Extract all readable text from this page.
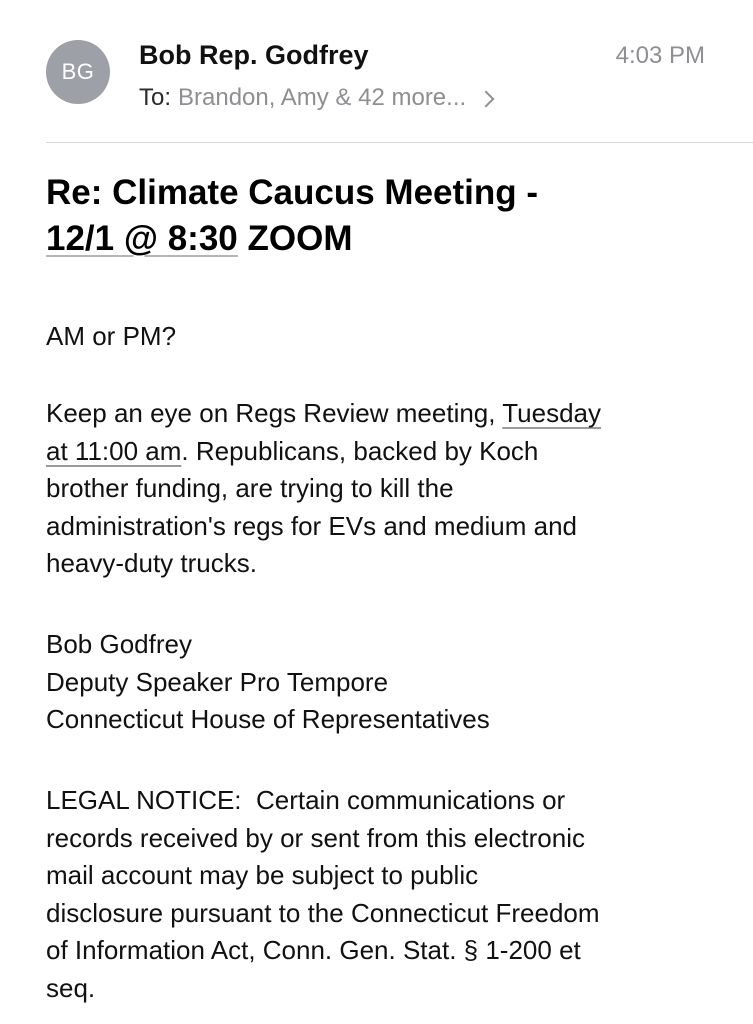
BG
Bob Rep. Godfrey	4:03 PM
To: Brandon, Amy & 42 more...
Re: Climate Caucus Meeting -
12/1 @ 8:30 ZOOM
AM or PM?
Keep an eye on Regs Review meeting, Tuesday
at 11:00 am. Republicans, backed by Koch
brother funding, are trying to kill the
administration's regs for EVs and medium and
heavy-duty trucks.
Bob Godfrey
Deputy Speaker Pro Tempore
Connecticut House of Representatives
LEGAL NOTICE:  Certain communications or
records received by or sent from this electronic
mail account may be subject to public
disclosure pursuant to the Connecticut Freedom
of Information Act, Conn. Gen. Stat. § 1-200 et
seq.
